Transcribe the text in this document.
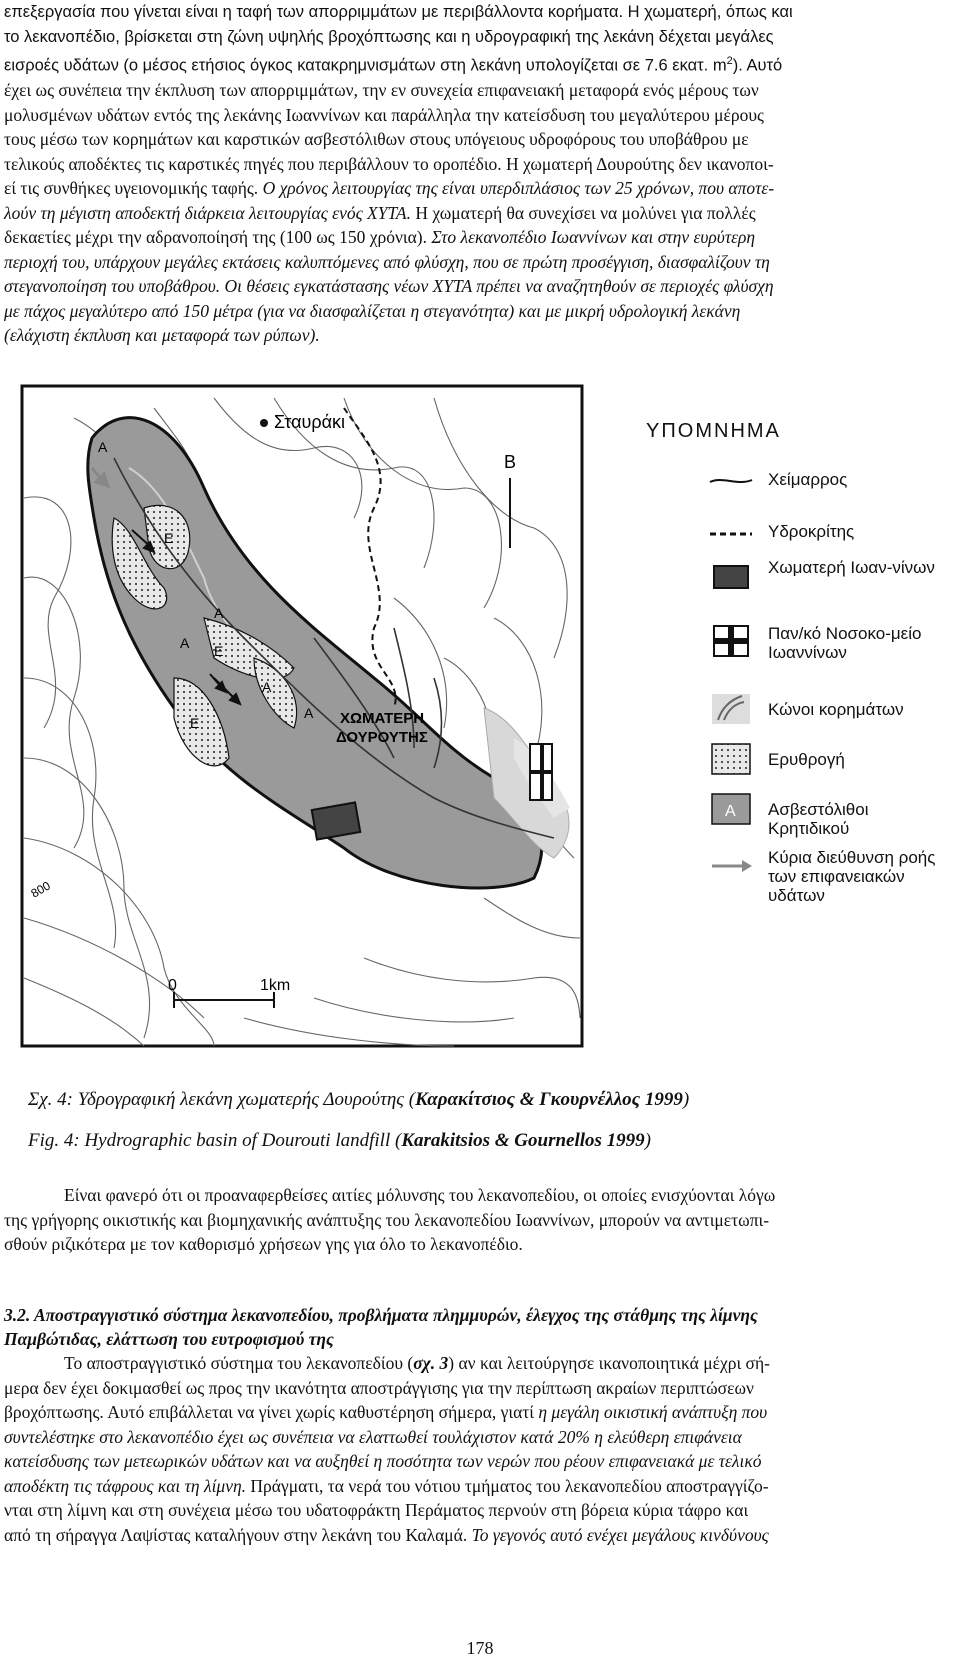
επεξεργασία που γίνεται είναι η ταφή των απορριμμάτων με περιβάλλοντα κορήματα. Η χωματερή, όπως και
το λεκανοπέδιο, βρίσκεται στη ζώνη υψηλής βροχόπτωσης και η υδρογραφική της λεκάνη δέχεται μεγάλες
εισροές υδάτων (ο μέσος ετήσιος όγκος κατακρημνισμάτων στη λεκάνη υπολογίζεται σε 7.6 εκατ. $m^2$). Αυτό
έχει ως συνέπεια την έκπλυση των απορριμμάτων, την εν συνεχεία επιφανειακή μεταφορά ενός μέρους των
μολυσμένων υδάτων εντός της λεκάνης Ιωαννίνων και παράλληλα την κατείσδυση του μεγαλύτερου μέρους
τους μέσω των κορημάτων και καρστικών ασβεστόλιθων στους υπόγειους υδροφόρους του υποβάθρου με
τελικούς αποδέκτες τις καρστικές πηγές που περιβάλλουν το οροπέδιο. Η χωματερή Δουρούτης δεν ικανοποι-
εί τις συνθήκες υγειονομικής ταφής. Ο χρόνος λειτουργίας της είναι υπερδιπλάσιος των 25 χρόνων, που αποτε-
λούν τη μέγιστη αποδεκτή διάρκεια λειτουργίας ενός ΧΥΤΑ. Η χωματερή θα συνεχίσει να μολύνει για πολλές
δεκαετίες μέχρι την αδρανοποίησή της (100 ως 150 χρόνια). Στο λεκανοπέδιο Ιωαννίνων και στην ευρύτερη
περιοχή του, υπάρχουν μεγάλες εκτάσεις καλυπτόμενες από φλύσχη, που σε πρώτη προσέγγιση, διασφαλίζουν τη
στεγανοποίηση του υποβάθρου. Οι θέσεις εγκατάστασης νέων ΧΥΤΑ πρέπει να αναζητηθούν σε περιοχές φλύσχη
με πάχος μεγαλύτερο από 150 μέτρα (για να διασφαλίζεται η στεγανότητα) και με μικρή υδρολογική λεκάνη
(ελάχιστη έκπλυση και μεταφορά των ρύπων).
Σταυράκι
Β
ΧΩΜΑΤΕΡΗ
ΔΟΥΡΟΥΤΗΣ
0	1km
800
Α
Α
Α
Α
Α
Ε
Ε
Ε
ΥΠΟΜΝΗΜΑ
Χείμαρρος
Υδροκρίτης
Χωματερή Ιωαν-νίνων
Παν/κό Νοσοκο-μείο Ιωαννίνων
Κώνοι κορημάτων
Ερυθρογή
Α Ασβεστόλιθοι Κρητιδικού
Κύρια διεύθυνση ροής των επιφανειακών υδάτων
Σχ. 4: Υδρογραφική λεκάνη χωματερής Δουρούτης (Καρακίτσιος & Γκουρνέλλος 1999)
Fig. 4: Hydrographic basin of Dourouti landfill (Karakitsios & Gournellos 1999)
Είναι φανερό ότι οι προαναφερθείσες αιτίες μόλυνσης του λεκανοπεδίου, οι οποίες ενισχύονται λόγω
της γρήγορης οικιστικής και βιομηχανικής ανάπτυξης του λεκανοπεδίου Ιωαννίνων, μπορούν να αντιμετωπι-
σθούν ριζικότερα με τον καθορισμό χρήσεων γης για όλο το λεκανοπέδιο.
3.2. Αποστραγγιστικό σύστημα λεκανοπεδίου, προβλήματα πλημμυρών, έλεγχος της στάθμης της λίμνης
Παμβώτιδας, ελάττωση του ευτροφισμού της
Το αποστραγγιστικό σύστημα του λεκανοπεδίου (σχ. 3) αν και λειτούργησε ικανοποιητικά μέχρι σή-
μερα δεν έχει δοκιμασθεί ως προς την ικανότητα αποστράγγισης για την περίπτωση ακραίων περιπτώσεων
βροχόπτωσης. Αυτό επιβάλλεται να γίνει χωρίς καθυστέρηση σήμερα, γιατί η μεγάλη οικιστική ανάπτυξη που
συντελέστηκε στο λεκανοπέδιο έχει ως συνέπεια να ελαττωθεί τουλάχιστον κατά 20% η ελεύθερη επιφάνεια
κατείσδυσης των μετεωρικών υδάτων και να αυξηθεί η ποσότητα των νερών που ρέουν επιφανειακά με τελικό
αποδέκτη τις τάφρους και τη λίμνη. Πράγματι, τα νερά του νότιου τμήματος του λεκανοπεδίου αποστραγγίζο-
νται στη λίμνη και στη συνέχεια μέσω του υδατοφράκτη Περάματος περνούν στη βόρεια κύρια τάφρο και
από τη σήραγγα Λαψίστας καταλήγουν στην λεκάνη του Καλαμά. Το γεγονός αυτό ενέχει μεγάλους κινδύνους
178
